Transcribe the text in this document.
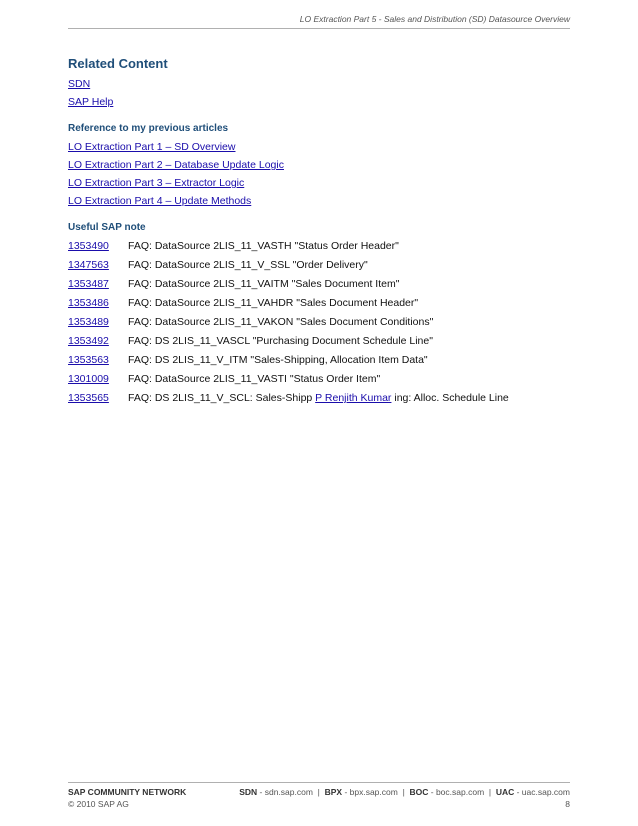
LO Extraction Part 5 - Sales and Distribution (SD) Datasource Overview
Related Content
SDN
SAP Help
Reference to my previous articles
LO Extraction Part 1 – SD Overview
LO Extraction Part 2 – Database Update Logic
LO Extraction Part 3 – Extractor Logic
LO Extraction Part 4 – Update Methods
Useful SAP note
1353490	FAQ: DataSource 2LIS_11_VASTH "Status Order Header"
1347563	FAQ: DataSource 2LIS_11_V_SSL "Order Delivery"
1353487	FAQ: DataSource 2LIS_11_VAITM "Sales Document Item"
1353486	FAQ: DataSource 2LIS_11_VAHDR "Sales Document Header"
1353489	FAQ: DataSource 2LIS_11_VAKON "Sales Document Conditions"
1353492	FAQ: DS 2LIS_11_VASCL "Purchasing Document Schedule Line"
1353563	FAQ: DS 2LIS_11_V_ITM "Sales-Shipping, Allocation Item Data"
1301009	FAQ: DataSource 2LIS_11_VASTI "Status Order Item"
1353565	FAQ: DS 2LIS_11_V_SCL: Sales-Shipp P Renjith Kumar ing: Alloc. Schedule Line
SAP COMMUNITY NETWORK	SDN - sdn.sap.com  |  BPX - bpx.sap.com  |  BOC - boc.sap.com  |  UAC - uac.sap.com
© 2010 SAP AG	8
